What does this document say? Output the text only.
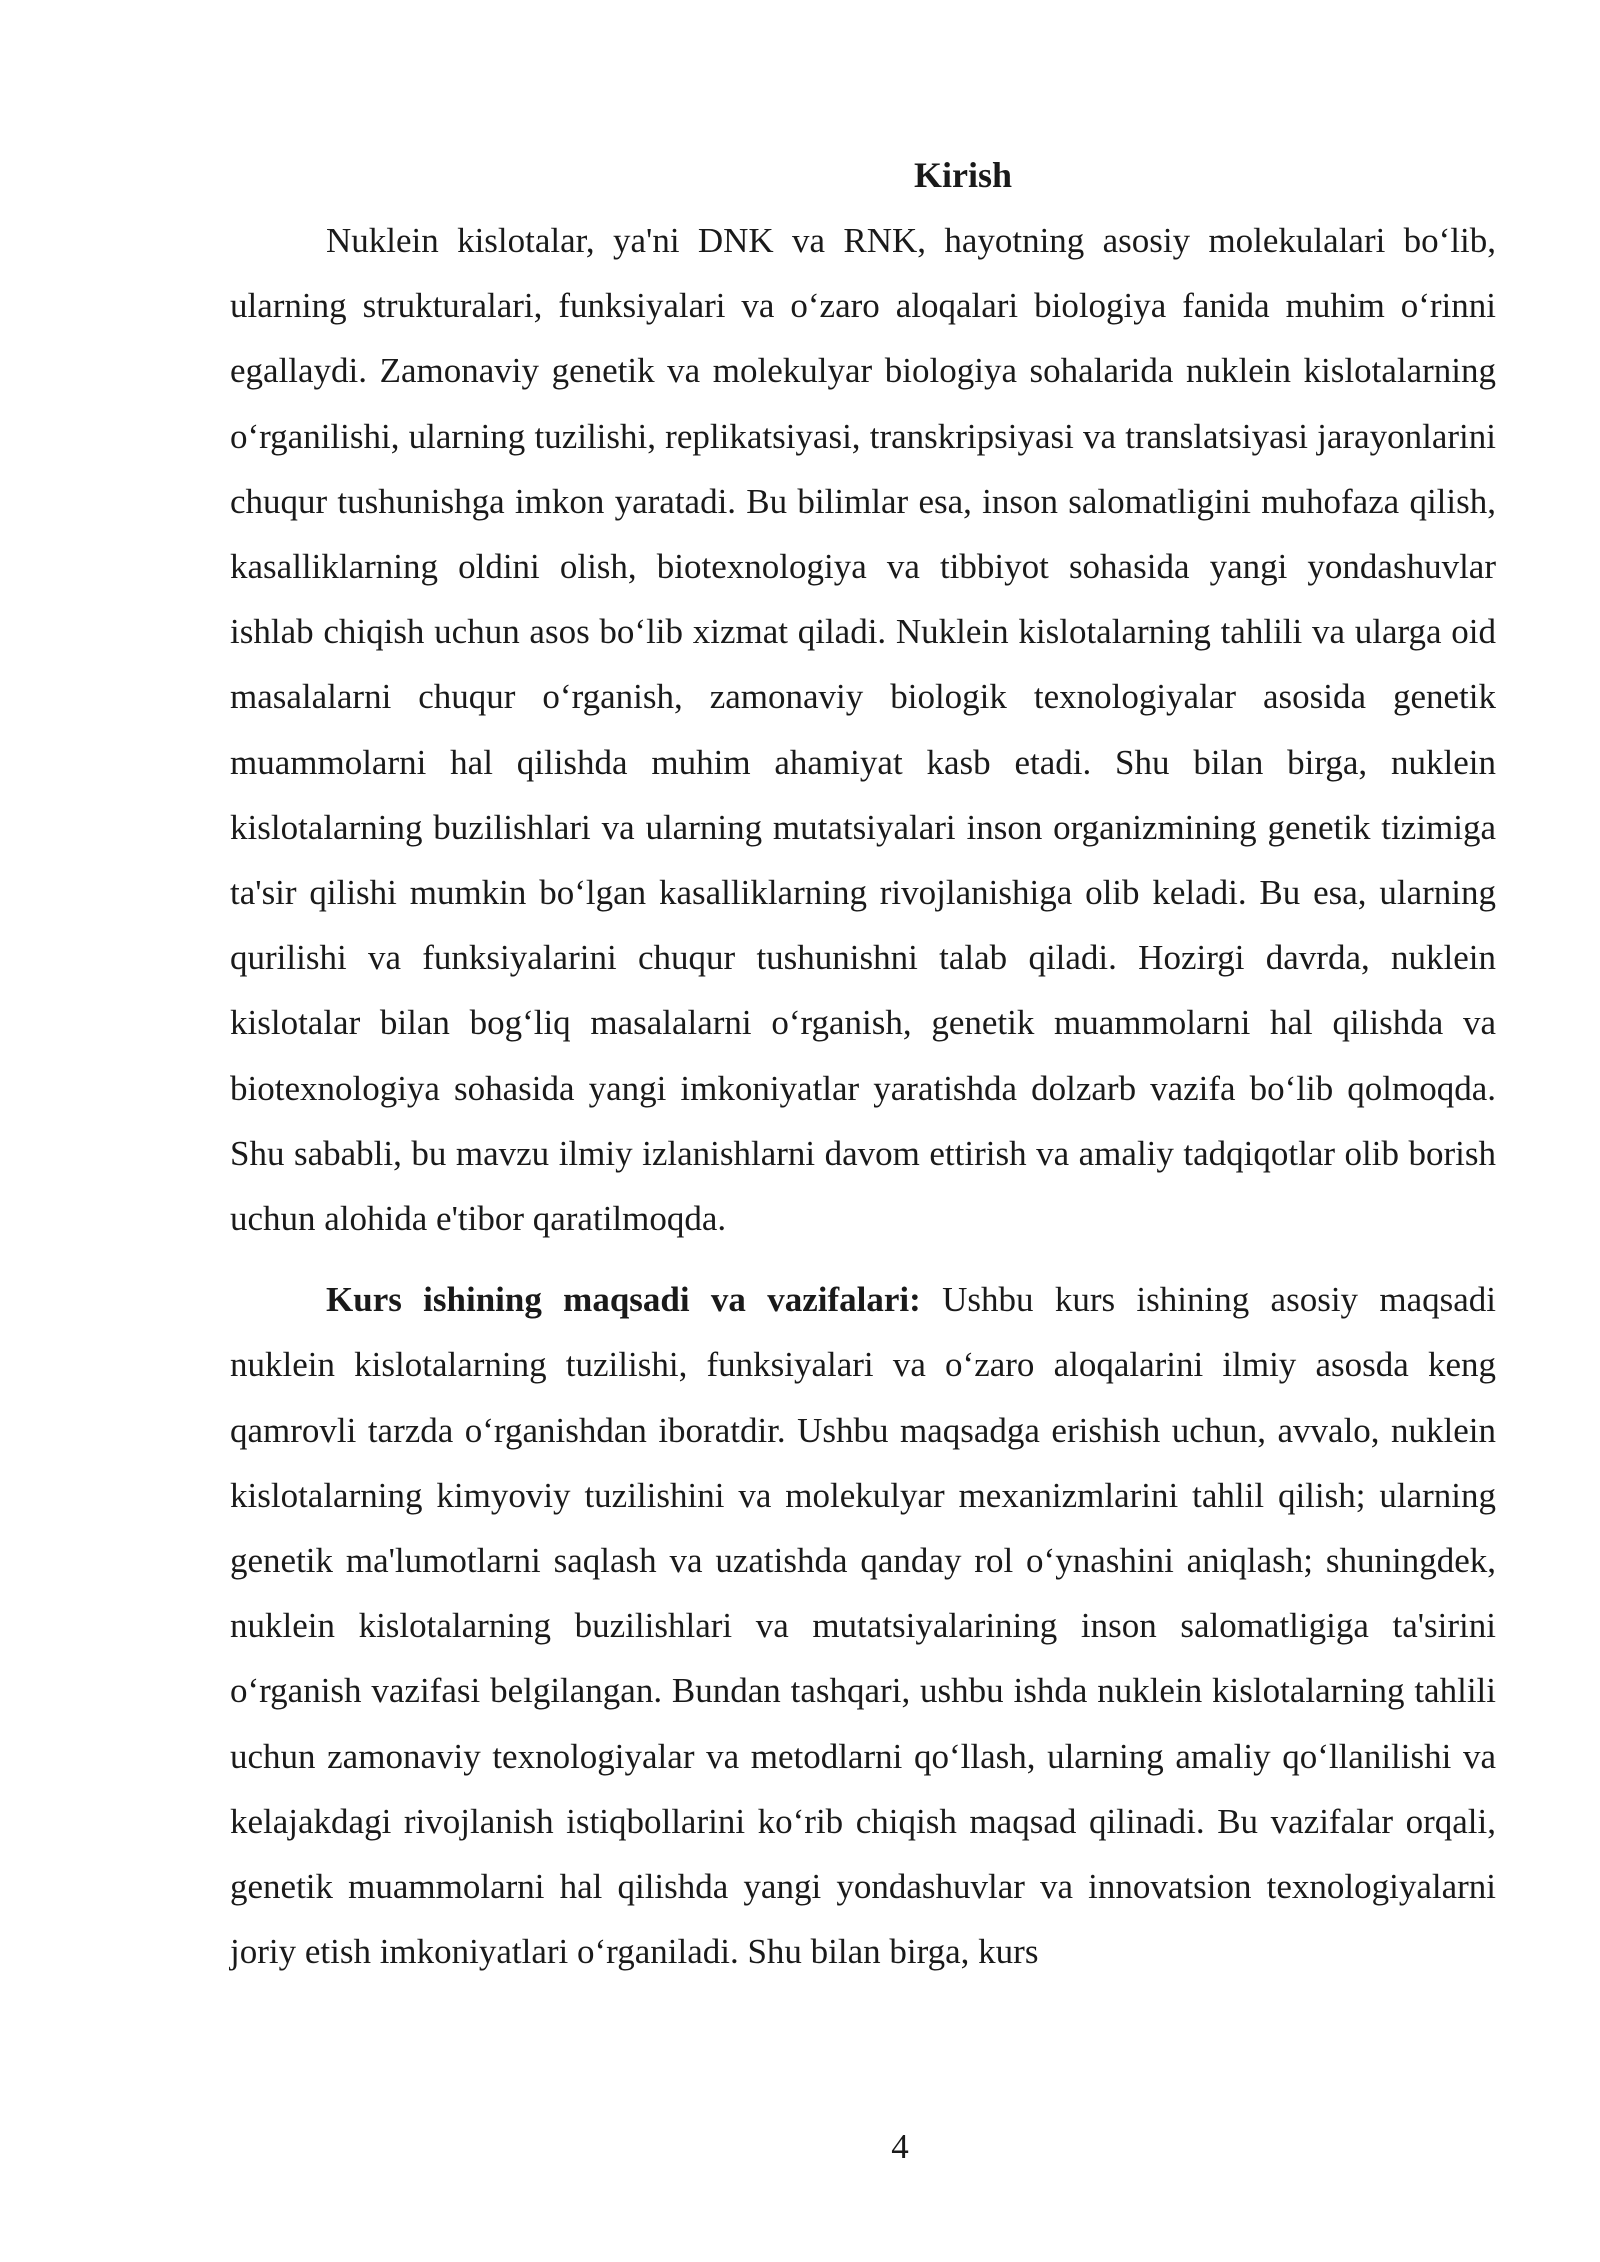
Kirish

Nuklein kislotalar, ya'ni DNK va RNK, hayotning asosiy molekulalari bo‘lib, ularning strukturalari, funksiyalari va o‘zaro aloqalari biologiya fanida muhim o‘rinni egallaydi. Zamonaviy genetik va molekulyar biologiya sohalarida nuklein kislotalarning o‘rganilishi, ularning tuzilishi, replikatsiyasi, transkripsiyasi va translatsiyasi jarayonlarini chuqur tushunishga imkon yaratadi. Bu bilimlar esa, inson salomatligini muhofaza qilish, kasalliklarning oldini olish, biotexnologiya va tibbiyot sohasida yangi yondashuvlar ishlab chiqish uchun asos bo‘lib xizmat qiladi. Nuklein kislotalarning tahlili va ularga oid masalalarni chuqur o‘rganish, zamonaviy biologik texnologiyalar asosida genetik muammolarni hal qilishda muhim ahamiyat kasb etadi. Shu bilan birga, nuklein kislotalarning buzilishlari va ularning mutatsiyalari inson organizmining genetik tizimiga ta'sir qilishi mumkin bo‘lgan kasalliklarning rivojlanishiga olib keladi. Bu esa, ularning qurilishi va funksiyalarini chuqur tushunishni talab qiladi. Hozirgi davrda, nuklein kislotalar bilan bog‘liq masalalarni o‘rganish, genetik muammolarni hal qilishda va biotexnologiya sohasida yangi imkoniyatlar yaratishda dolzarb vazifa bo‘lib qolmoqda. Shu sababli, bu mavzu ilmiy izlanishlarni davom ettirish va amaliy tadqiqotlar olib borish uchun alohida e'tibor qaratilmoqda.

Kurs ishining maqsadi va vazifalari: Ushbu kurs ishining asosiy maqsadi nuklein kislotalarning tuzilishi, funksiyalari va o‘zaro aloqalarini ilmiy asosda keng qamrovli tarzda o‘rganishdan iboratdir. Ushbu maqsadga erishish uchun, avvalo, nuklein kislotalarning kimyoviy tuzilishini va molekulyar mexanizmlarini tahlil qilish; ularning genetik ma'lumotlarni saqlash va uzatishda qanday rol o‘ynashini aniqlash; shuningdek, nuklein kislotalarning buzilishlari va mutatsiyalarining inson salomatligiga ta'sirini o‘rganish vazifasi belgilangan. Bundan tashqari, ushbu ishda nuklein kislotalarning tahlili uchun zamonaviy texnologiyalar va metodlarni qo‘llash, ularning amaliy qo‘llanilishi va kelajakdagi rivojlanish istiqbollarini ko‘rib chiqish maqsad qilinadi. Bu vazifalar orqali, genetik muammolarni hal qilishda yangi yondashuvlar va innovatsion texnologiyalarni joriy etish imkoniyatlari o‘rganiladi. Shu bilan birga, kurs

4
